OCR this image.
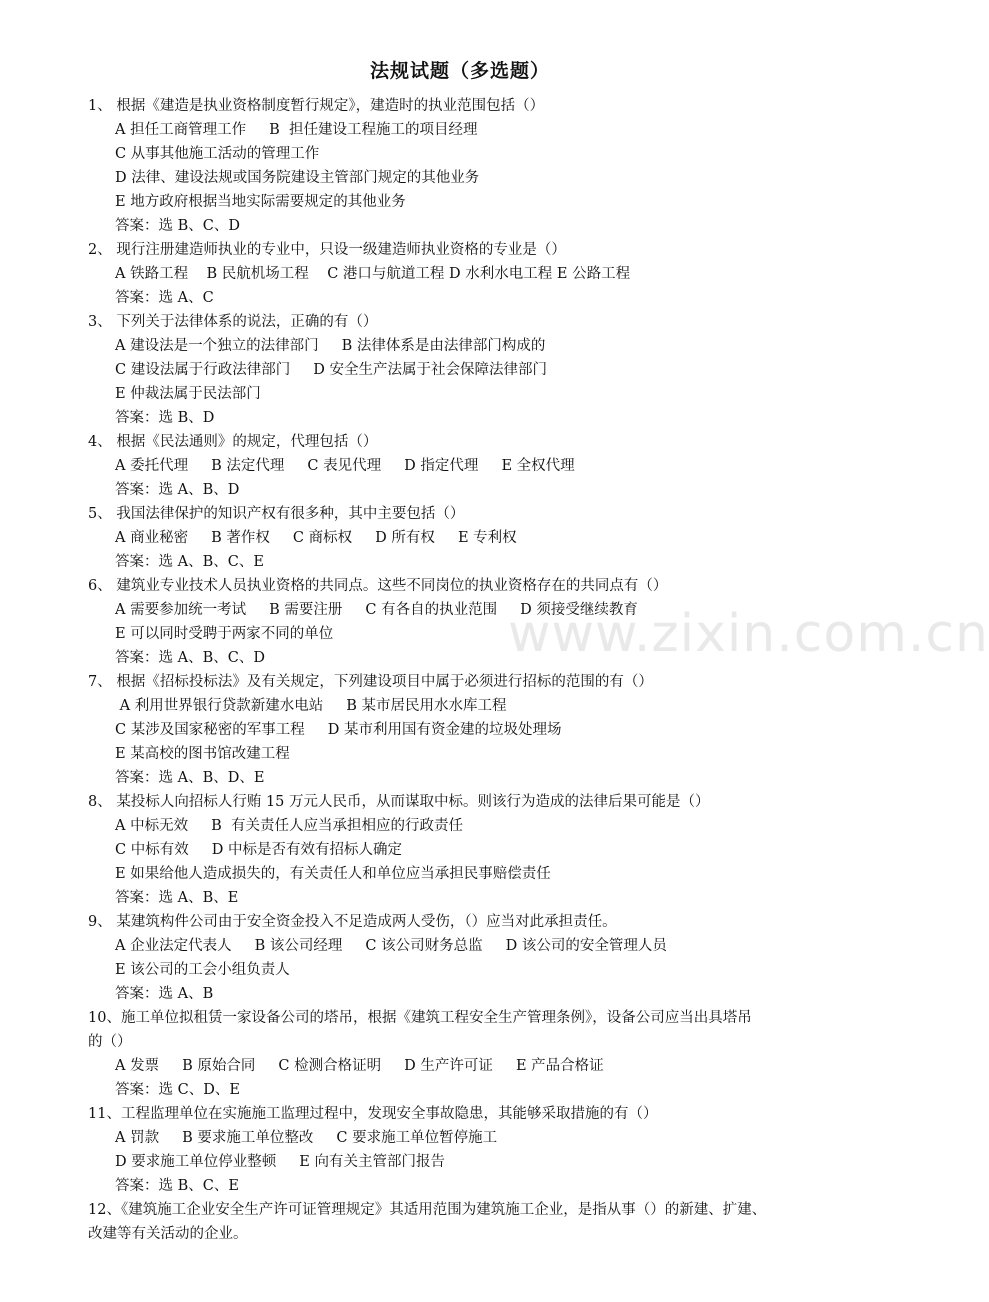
法规试题（多选题）
1、 根据《建造是执业资格制度暂行规定》，建造时的执业范围包括（）
A 担任工商管理工作     B  担任建设工程施工的项目经理
C 从事其他施工活动的管理工作
D 法律、建设法规或国务院建设主管部门规定的其他业务
E 地方政府根据当地实际需要规定的其他业务
答案：选 B、C、D
2、 现行注册建造师执业的专业中，只设一级建造师执业资格的专业是（）
A 铁路工程    B 民航机场工程    C 港口与航道工程 D 水利水电工程 E 公路工程
答案：选 A、C
3、 下列关于法律体系的说法，正确的有（）
A 建设法是一个独立的法律部门     B 法律体系是由法律部门构成的
C 建设法属于行政法律部门     D 安全生产法属于社会保障法律部门
E 仲裁法属于民法部门
答案：选 B、D
4、 根据《民法通则》的规定，代理包括（）
A 委托代理     B 法定代理     C 表见代理     D 指定代理     E 全权代理
答案：选 A、B、D
5、 我国法律保护的知识产权有很多种，其中主要包括（）
A 商业秘密     B 著作权     C 商标权     D 所有权     E 专利权
答案：选 A、B、C、E
6、 建筑业专业技术人员执业资格的共同点。这些不同岗位的执业资格存在的共同点有（）
A 需要参加统一考试     B 需要注册     C 有各自的执业范围     D 须接受继续教育
E 可以同时受聘于两家不同的单位
答案：选 A、B、C、D
7、 根据《招标投标法》及有关规定，下列建设项目中属于必须进行招标的范围的有（）
A 利用世界银行贷款新建水电站     B 某市居民用水水库工程
C 某涉及国家秘密的军事工程     D 某市利用国有资金建的垃圾处理场
E 某高校的图书馆改建工程
答案：选 A、B、D、E
8、 某投标人向招标人行贿 15 万元人民币，从而谋取中标。则该行为造成的法律后果可能是（）
A 中标无效     B  有关责任人应当承担相应的行政责任
C 中标有效     D 中标是否有效有招标人确定
E 如果给他人造成损失的，有关责任人和单位应当承担民事赔偿责任
答案：选 A、B、E
9、 某建筑构件公司由于安全资金投入不足造成两人受伤，（）应当对此承担责任。
A 企业法定代表人     B 该公司经理     C 该公司财务总监     D 该公司的安全管理人员
E 该公司的工会小组负责人
答案：选 A、B
10、施工单位拟租赁一家设备公司的塔吊，根据《建筑工程安全生产管理条例》，设备公司应当出具塔吊
的（）
A 发票     B 原始合同     C 检测合格证明     D 生产许可证     E 产品合格证
答案：选 C、D、E
11、工程监理单位在实施施工监理过程中，发现安全事故隐患，其能够采取措施的有（）
A 罚款     B 要求施工单位整改     C 要求施工单位暂停施工
D 要求施工单位停业整顿     E 向有关主管部门报告
答案：选 B、C、E
12、《建筑施工企业安全生产许可证管理规定》其适用范围为建筑施工企业，是指从事（）的新建、扩建、
改建等有关活动的企业。
www.zixin.com.cn
